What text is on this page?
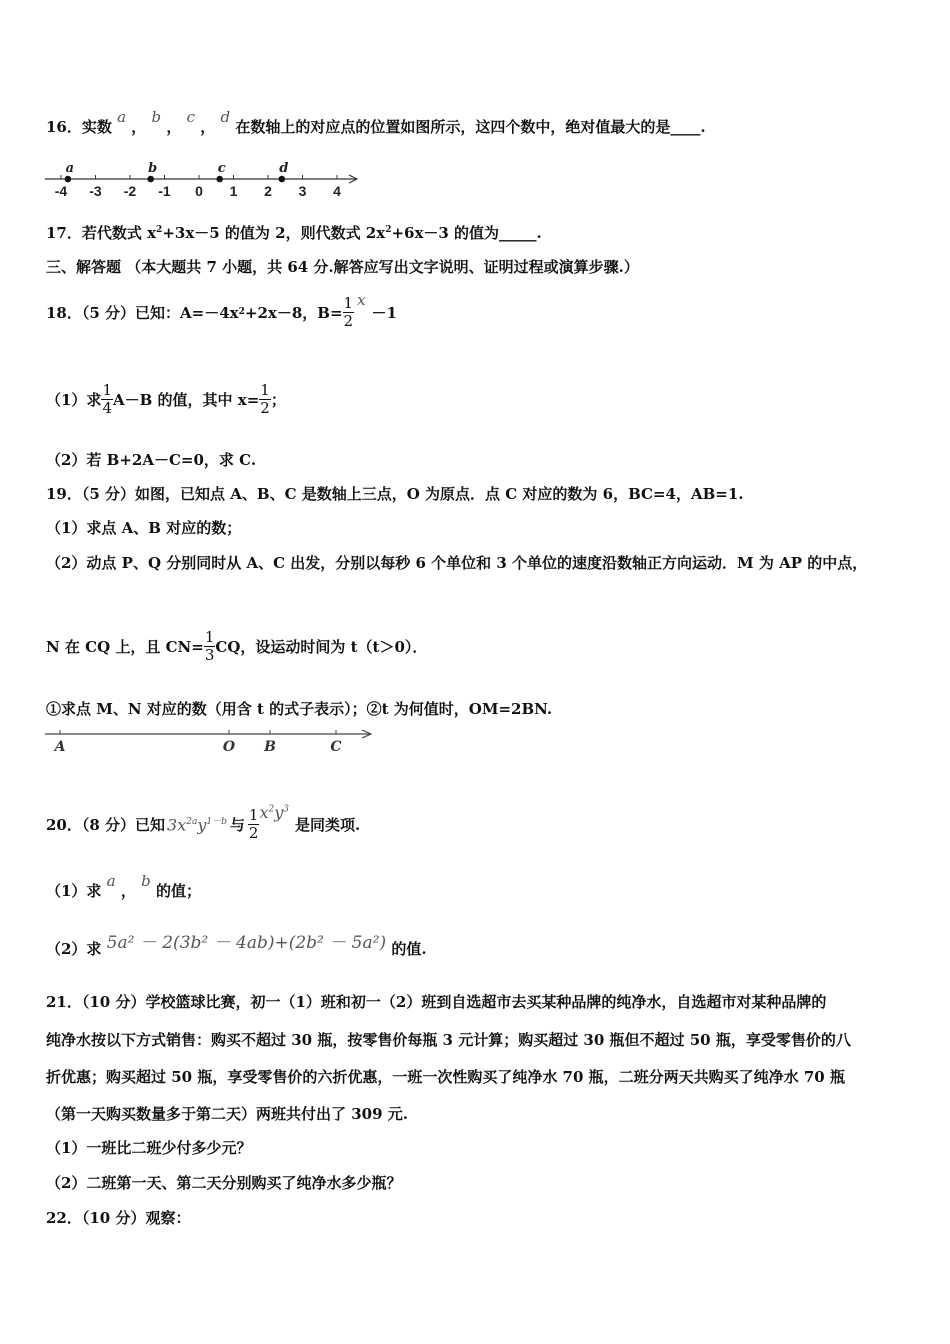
16．实数 a ， b ， c ， d 在数轴上的对应点的位置如图所示，这四个数中，绝对值最大的是____.
-4 -3 -2 -1 0 1 2 3 4
a	b	c	d
17．若代数式 $x^2+3x-5$ 的值为 2，则代数式 $2x^2+6x-3$ 的值为_____.
三、解答题 （本大题共 7 小题，共 64 分.解答应写出文字说明、证明过程或演算步骤.）
18．（5 分）已知：A=－4x 2 +2x－8，$B= \frac{1}{2}$ x
－1
（1）求 $\frac{1}{4} A-B$ 的值，其中 $x= \frac{1}{2}$ ；
（2）若 B+2A－C=0，求 C.
19．（5 分）如图，已知点 A、B、C 是数轴上三点，O 为原点．点 C 对应的数为 6，BC=4，AB=1.
（1）求点 A、B 对应的数；
（2）动点 P、Q 分别同时从 A、C 出发，分别以每秒 6 个单位和 3 个单位的速度沿数轴正方向运动．M 为 AP 的中点，
N 在 CQ 上，且 $CN= \frac{1}{3}$ CQ，设运动时间为 t（t＞0）．
①求点 M、N 对应的数（用含 t 的式子表示）；②t 为何值时，OM=2BN.
A	O B	C
20．（8 分）已知 $3x^{2a}y^{1-b}$ 与 $\frac{1}{2} x^2y^3$
是同类项.
（1）求 a ， b 的值；
（2）求 5a² － 2(3b² － 4ab)+(2b² － 5a²) 的值.
21．（10 分）学校篮球比赛，初一（1）班和初一（2）班到自选超市去买某种品牌的纯净水，自选超市对某种品牌的
纯净水按以下方式销售：购买不超过 30 瓶，按零售价每瓶 3 元计算；购买超过 30 瓶但不超过 50 瓶，享受零售价的八
折优惠；购买超过 50 瓶，享受零售价的六折优惠，一班一次性购买了纯净水 70 瓶，二班分两天共购买了纯净水 70 瓶
（第一天购买数量多于第二天）两班共付出了 309 元.
（1）一班比二班少付多少元？
（2）二班第一天、第二天分别购买了纯净水多少瓶？
22．（10 分）观察：
